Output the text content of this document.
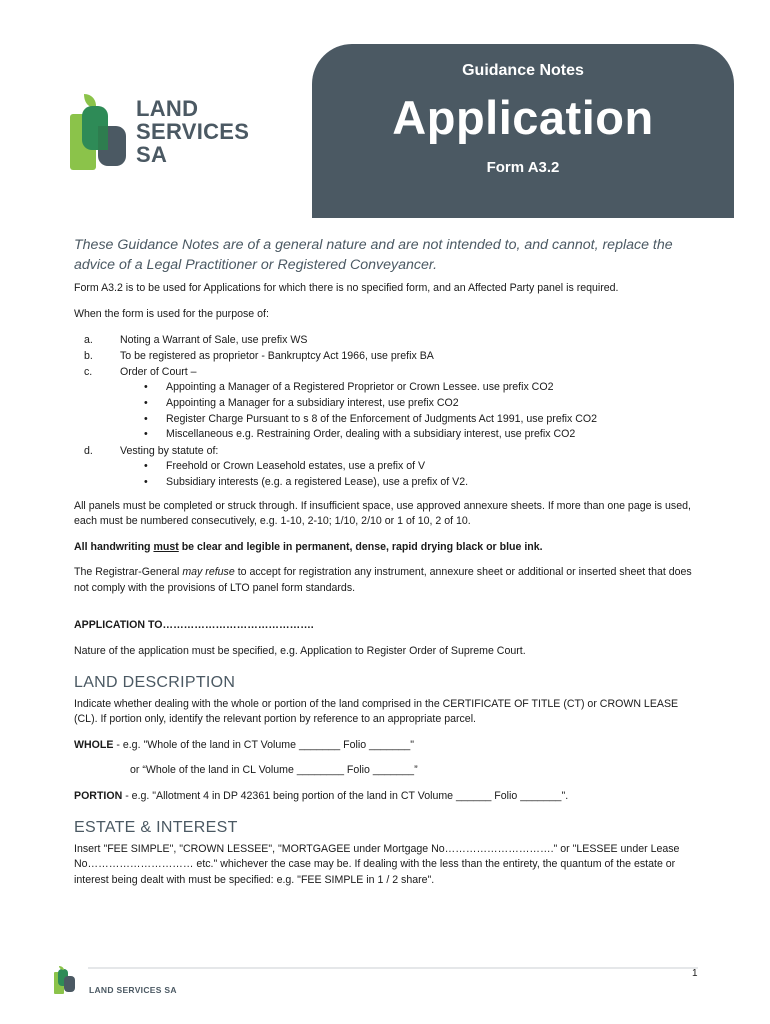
LAND
SERVICES
SA
Guidance Notes
Application
Form A3.2

These Guidance Notes are of a general nature and are not intended to, and cannot, replace the advice of a Legal Practitioner or Registered Conveyancer.

Form A3.2 is to be used for Applications for which there is no specified form, and an Affected Party panel is required.

When the form is used for the purpose of:

a.	Noting a Warrant of Sale, use prefix WS
b.	To be registered as proprietor - Bankruptcy Act 1966, use prefix BA
c.	Order of Court –
• Appointing a Manager of a Registered Proprietor or Crown Lessee. use prefix CO2
• Appointing a Manager for a subsidiary interest, use prefix CO2
• Register Charge Pursuant to s 8 of the Enforcement of Judgments Act 1991, use prefix CO2
• Miscellaneous e.g. Restraining Order, dealing with a subsidiary interest, use prefix CO2
d.	Vesting by statute of:
• Freehold or Crown Leasehold estates, use a prefix of V
• Subsidiary interests (e.g. a registered Lease), use a prefix of V2.

All panels must be completed or struck through. If insufficient space, use approved annexure sheets. If more than one page is used, each must be numbered consecutively, e.g. 1-10, 2-10; 1/10, 2/10 or 1 of 10, 2 of 10.

All handwriting must be clear and legible in permanent, dense, rapid drying black or blue ink.

The Registrar-General may refuse to accept for registration any instrument, annexure sheet or additional or inserted sheet that does not comply with the provisions of LTO panel form standards.

APPLICATION TO…………………………………….

Nature of the application must be specified, e.g. Application to Register Order of Supreme Court.

LAND DESCRIPTION

Indicate whether dealing with the whole or portion of the land comprised in the CERTIFICATE OF TITLE (CT) or CROWN LEASE (CL). If portion only, identify the relevant portion by reference to an appropriate parcel.

WHOLE - e.g. "Whole of the land in CT Volume _______ Folio _______"

or “Whole of the land in CL Volume ________ Folio _______”

PORTION - e.g. "Allotment 4 in DP 42361 being portion of the land in CT Volume ______ Folio _______".

ESTATE & INTEREST

Insert "FEE SIMPLE", "CROWN LESSEE", "MORTGAGEE under Mortgage No…………………………." or "LESSEE under Lease No………………………… etc." whichever the case may be. If dealing with the less than the entirety, the quantum of the estate or interest being dealt with must be specified: e.g. "FEE SIMPLE in 1 / 2 share".

1
LAND SERVICES SA
